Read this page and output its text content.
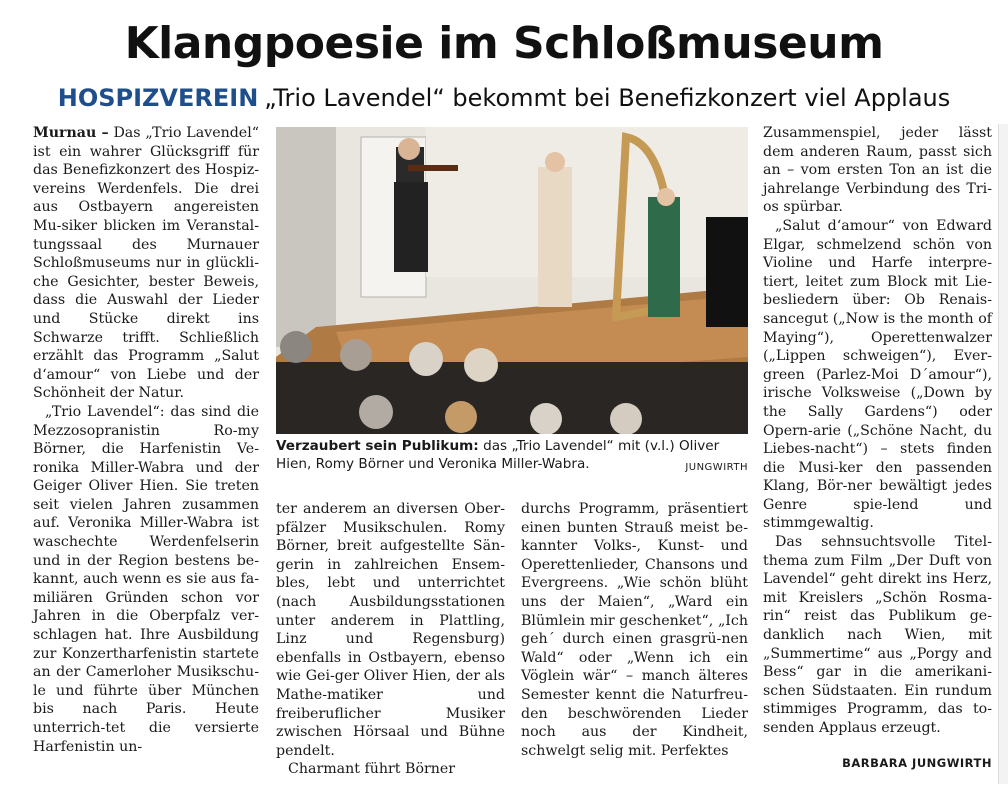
Klangpoesie im Schloßmuseum
HOSPIZVEREIN „Trio Lavendel“ bekommt bei Benefizkonzert viel Applaus

Murnau – Das „Trio Lavendel“ ist ein wahrer Glücksgriff für das Benefizkonzert des Hospiz-vereins Werdenfels. Die drei aus Ostbayern angereisten Mu-siker blicken im Veranstal-tungssaal des Murnauer Schloßmuseums nur in glückli-che Gesichter, bester Beweis, dass die Auswahl der Lieder und Stücke direkt ins Schwarze trifft. Schließlich erzählt das Programm „Salut d‘amour“ von Liebe und der Schönheit der Natur.

„Trio Lavendel“: das sind die Mezzosopranistin Ro-my Börner, die Harfenistin Ve-ronika Miller-Wabra und der Geiger Oliver Hien. Sie treten seit vielen Jahren zusammen auf. Veronika Miller-Wabra ist waschechte Werdenfelserin und in der Region bestens be-kannt, auch wenn es sie aus fa-miliären Gründen schon vor Jahren in die Oberpfalz ver-schlagen hat. Ihre Ausbildung zur Konzertharfenistin startete an der Camerloher Musikschu-le und führte über München bis nach Paris. Heute unterrich-tet die versierte Harfenistin un-

Verzaubert sein Publikum: das „Trio Lavendel“ mit (v.l.) Oliver Hien, Romy Börner und Veronika Miller-Wabra.	JUNGWIRTH

ter anderem an diversen Ober-pfälzer Musikschulen. Romy Börner, breit aufgestellte Sän-gerin in zahlreichen Ensem-bles, lebt und unterrichtet (nach Ausbildungsstationen unter anderem in Plattling, Linz und Regensburg) ebenfalls in Ostbayern, ebenso wie Gei-ger Oliver Hien, der als Mathe-matiker und freiberuflicher Musiker zwischen Hörsaal und Bühne pendelt.

Charmant führt Börner

durchs Programm, präsentiert einen bunten Strauß meist be-kannter Volks-, Kunst- und Operettenlieder, Chansons und Evergreens. „Wie schön blüht uns der Maien“, „Ward ein Blümlein mir geschenket“, „Ich geh´ durch einen grasgrü-nen Wald“ oder „Wenn ich ein Vöglein wär“ – manch älteres Semester kennt die Naturfreu-den beschwörenden Lieder noch aus der Kindheit, schwelgt selig mit. Perfektes

Zusammenspiel, jeder lässt dem anderen Raum, passt sich an – vom ersten Ton an ist die jahrelange Verbindung des Tri-os spürbar.

„Salut d‘amour“ von Edward Elgar, schmelzend schön von Violine und Harfe interpre-tiert, leitet zum Block mit Lie-besliedern über: Ob Renais-sancegut („Now is the month of Maying“), Operettenwalzer („Lippen schweigen“), Ever-green (Parlez-Moi D´amour“), irische Volksweise („Down by the Sally Gardens“) oder Opern-arie („Schöne Nacht, du Liebes-nacht“) – stets finden die Musi-ker den passenden Klang, Bör-ner bewältigt jedes Genre spie-lend und stimmgewaltig.

Das sehnsuchtsvolle Titel-thema zum Film „Der Duft von Lavendel“ geht direkt ins Herz, mit Kreislers „Schön Rosma-rin“ reist das Publikum ge-danklich nach Wien, mit „Summertime“ aus „Porgy and Bess“ gar in die amerikani-schen Südstaaten. Ein rundum stimmiges Programm, das to-senden Applaus erzeugt.

BARBARA JUNGWIRTH
